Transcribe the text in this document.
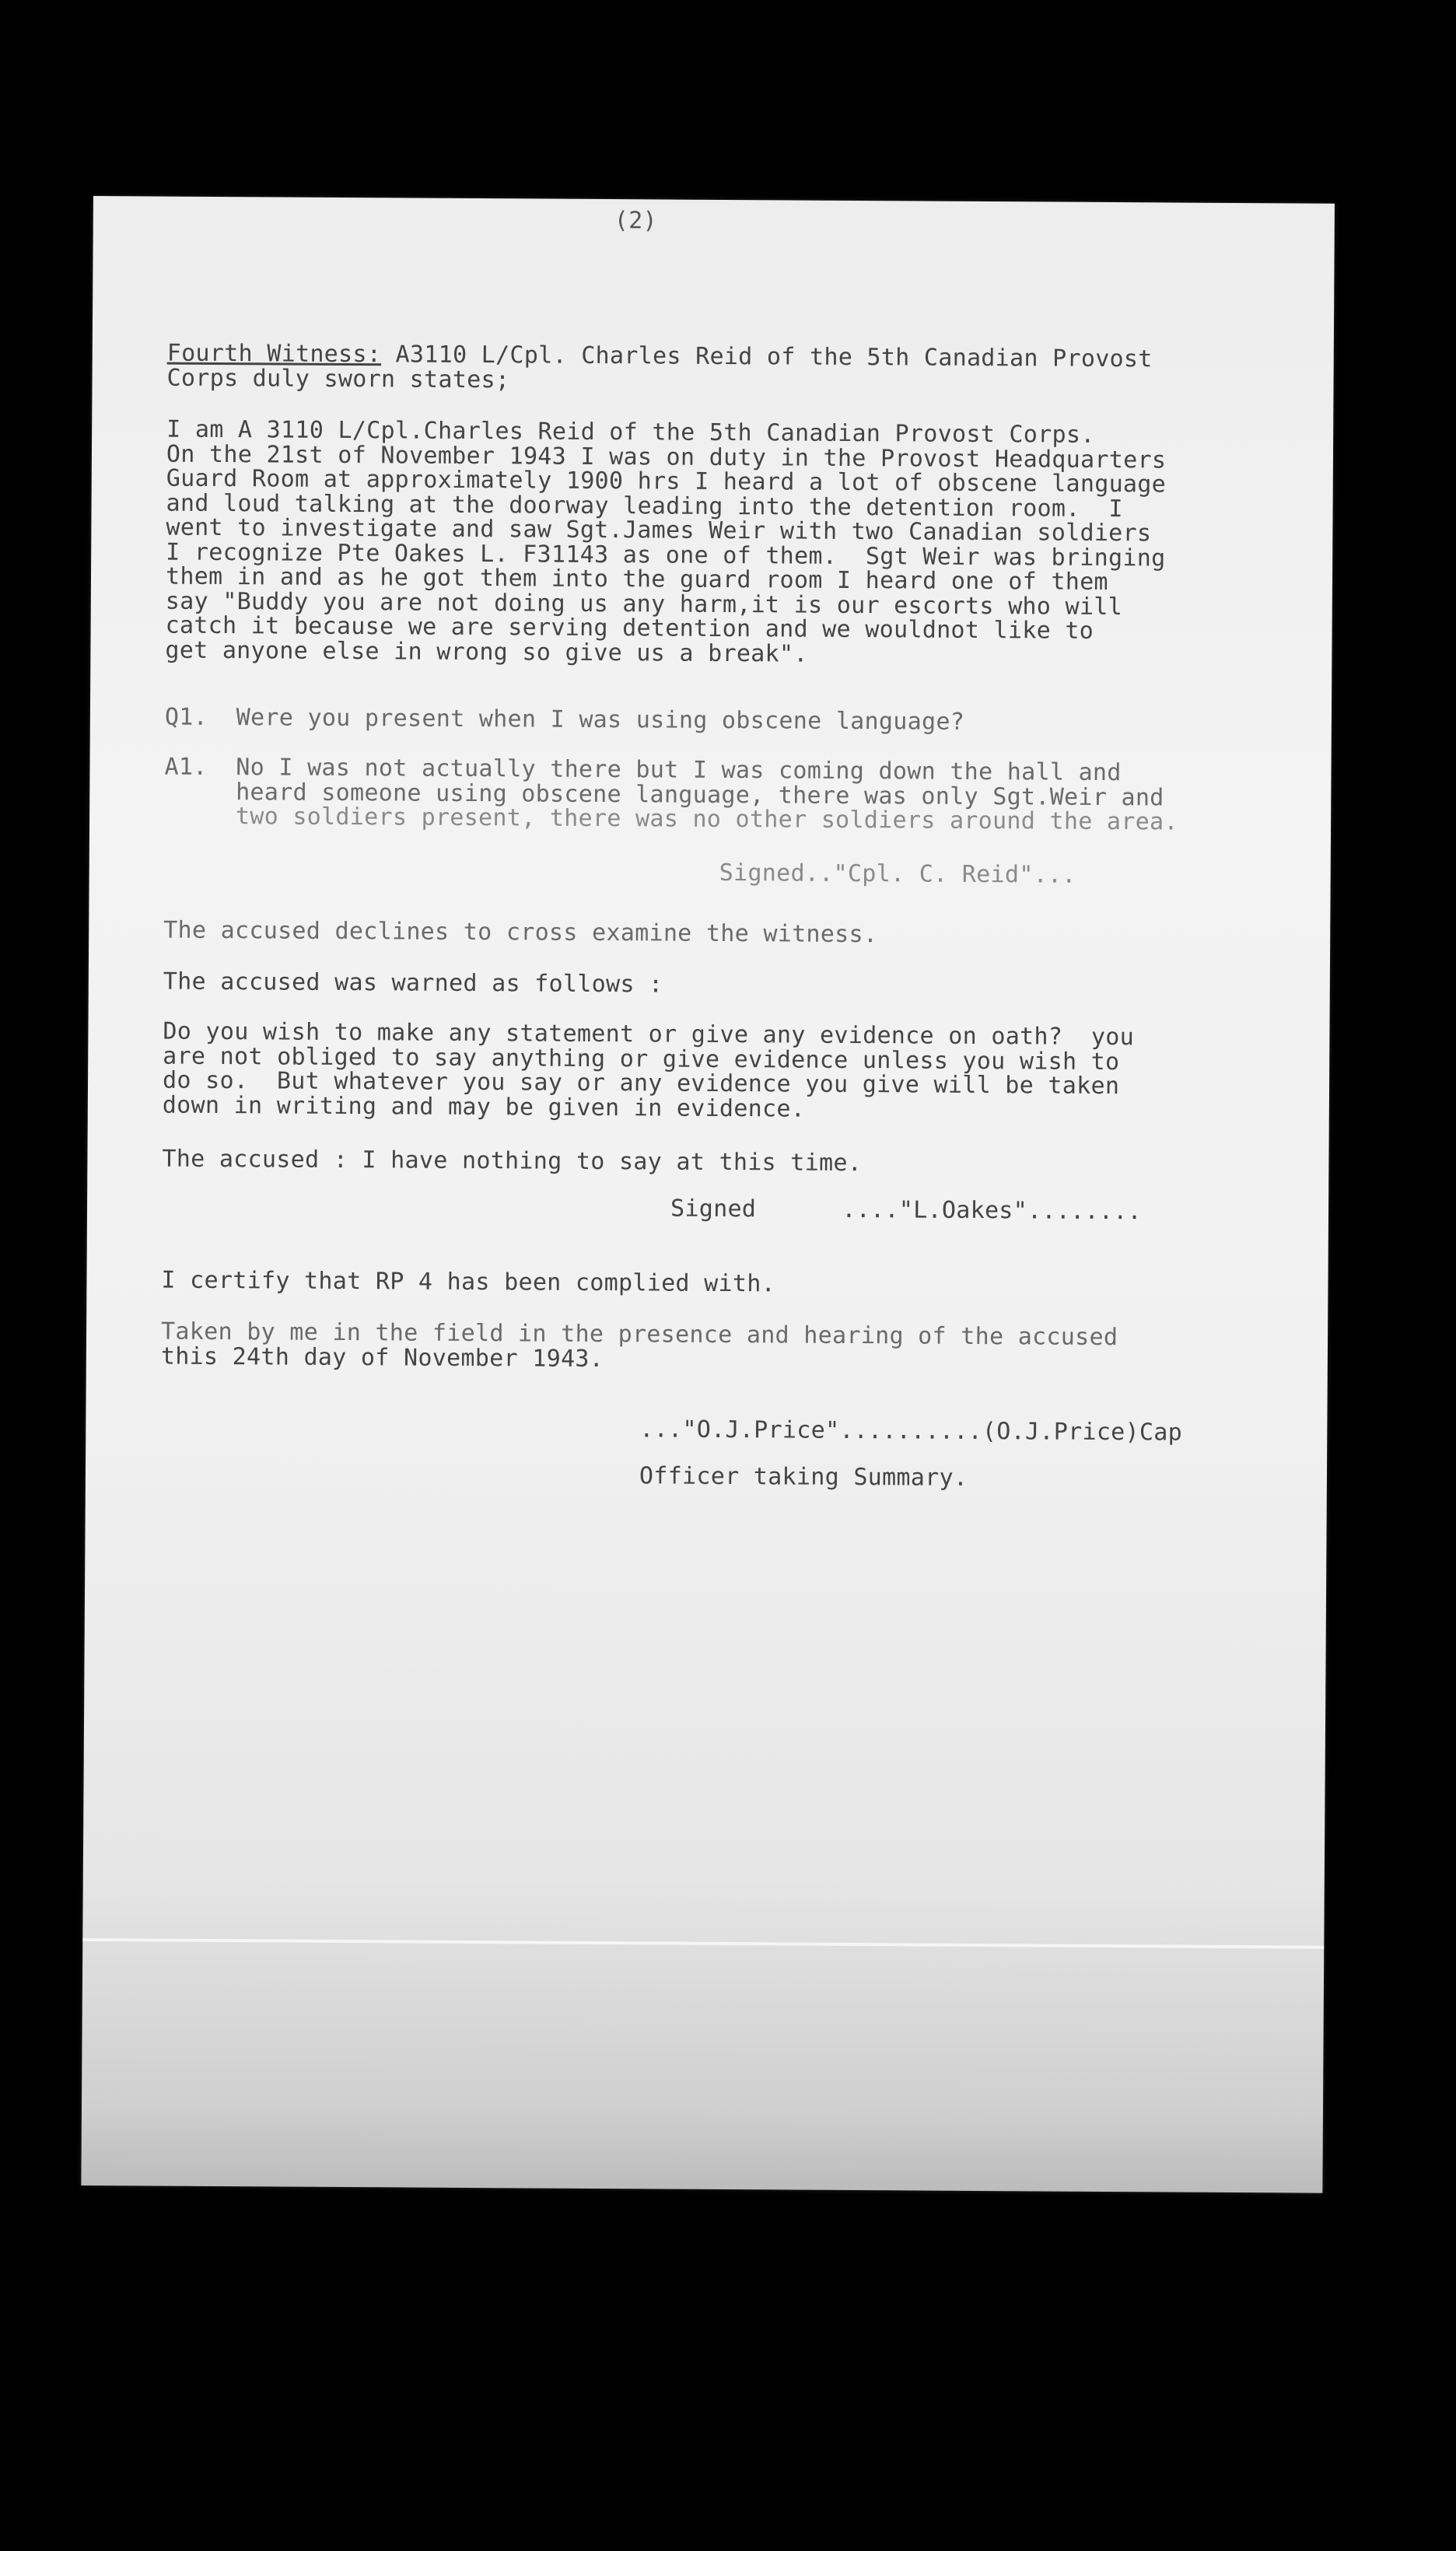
(2)
Fourth Witness: A3110 L/Cpl. Charles Reid of the 5th Canadian Provost
Corps duly sworn states;
I am A 3110 L/Cpl.Charles Reid of the 5th Canadian Provost Corps.
On the 21st of November 1943 I was on duty in the Provost Headquarters
Guard Room at approximately 1900 hrs I heard a lot of obscene language
and loud talking at the doorway leading into the detention room.  I
went to investigate and saw Sgt.James Weir with two Canadian soldiers
I recognize Pte Oakes L. F31143 as one of them.  Sgt Weir was bringing
them in and as he got them into the guard room I heard one of them
say "Buddy you are not doing us any harm,it is our escorts who will
catch it because we are serving detention and we wouldnot like to
get anyone else in wrong so give us a break".
Q1.  Were you present when I was using obscene language?
A1.  No I was not actually there but I was coming down the hall and
heard someone using obscene language, there was only Sgt.Weir and
two soldiers present, there was no other soldiers around the area.
Signed.."Cpl. C. Reid"...
The accused declines to cross examine the witness.
The accused was warned as follows :
Do you wish to make any statement or give any evidence on oath?  you
are not obliged to say anything or give evidence unless you wish to
do so.  But whatever you say or any evidence you give will be taken
down in writing and may be given in evidence.
The accused : I have nothing to say at this time.
Signed      ...."L.Oakes"........
I certify that RP 4 has been complied with.
Taken by me in the field in the presence and hearing of the accused
this 24th day of November 1943.
..."O.J.Price"..........(O.J.Price)Cap
Officer taking Summary.
